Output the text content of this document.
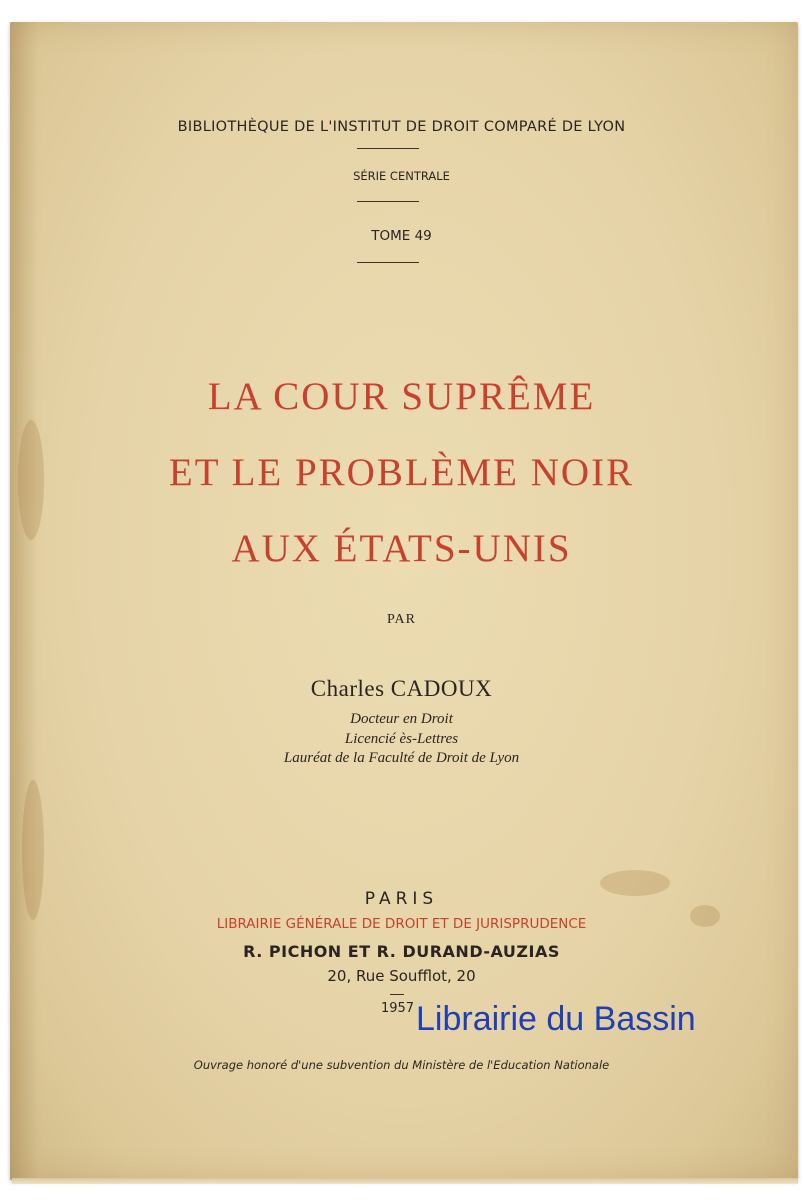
BIBLIOTHÈQUE DE L'INSTITUT DE DROIT COMPARÉ DE LYON
SÉRIE CENTRALE
TOME 49
LA COUR SUPRÊME
ET LE PROBLÈME NOIR
AUX ÉTATS-UNIS
PAR
Charles CADOUX
Docteur en Droit
Licencié ès-Lettres
Lauréat de la Faculté de Droit de Lyon
PARIS
LIBRAIRIE GÉNÉRALE DE DROIT ET DE JURISPRUDENCE
R. PICHON ET R. DURAND-AUZIAS
20, Rue Soufflot, 20
1957
Ouvrage honoré d'une subvention du Ministère de l'Education Nationale
Librairie du Bassin
